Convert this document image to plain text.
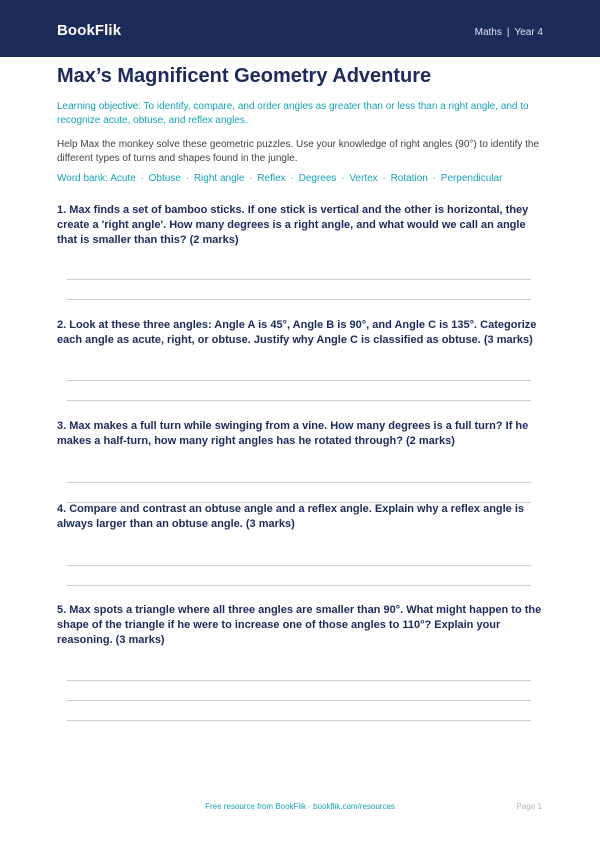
BookFlik	Maths | Year 4
Max’s Magnificent Geometry Adventure
Learning objective: To identify, compare, and order angles as greater than or less than a right angle, and to recognize acute, obtuse, and reflex angles.
Help Max the monkey solve these geometric puzzles. Use your knowledge of right angles (90°) to identify the different types of turns and shapes found in the jungle.
Word bank: Acute · Obtuse · Right angle · Reflex · Degrees · Vertex · Rotation · Perpendicular
1. Max finds a set of bamboo sticks. If one stick is vertical and the other is horizontal, they create a 'right angle'. How many degrees is a right angle, and what would we call an angle that is smaller than this? (2 marks)
2. Look at these three angles: Angle A is 45°, Angle B is 90°, and Angle C is 135°. Categorize each angle as acute, right, or obtuse. Justify why Angle C is classified as obtuse. (3 marks)
3. Max makes a full turn while swinging from a vine. How many degrees is a full turn? If he makes a half-turn, how many right angles has he rotated through? (2 marks)
4. Compare and contrast an obtuse angle and a reflex angle. Explain why a reflex angle is always larger than an obtuse angle. (3 marks)
5. Max spots a triangle where all three angles are smaller than 90°. What might happen to the shape of the triangle if he were to increase one of those angles to 110°? Explain your reasoning. (3 marks)
Free resource from BookFlik · bookflik.com/resources	Page 1
